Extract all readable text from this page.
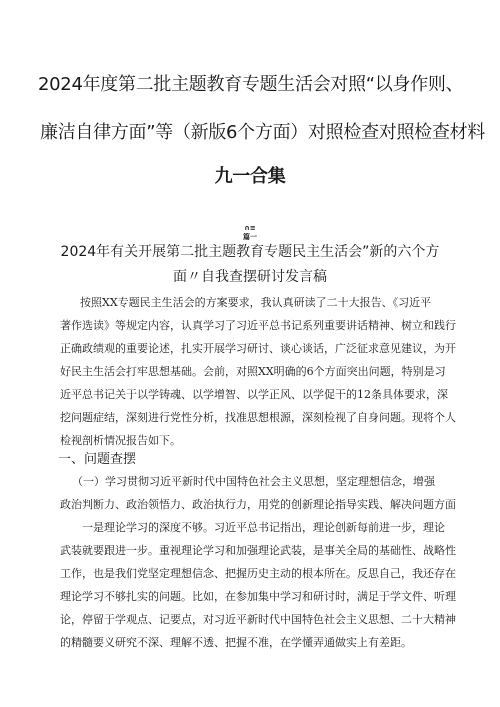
2024年度第二批主题教育专题生活会对照“以身作则、
廉洁自律方面”等（新版6个方面）对照检查对照检查材料
九一合集
∩≡
篇一
2024年有关开展第二批主题教育专题民主生活会”新的六个方
面〃自我查摆研讨发言稿
按照XX专题民主生活会的方案要求，我认真研读了二十大报告、《习近平
著作选读》等规定内容，认真学习了习近平总书记系列重要讲话精神、树立和践行
正确政绩观的重要论述，扎实开展学习研讨、谈心谈话，广泛征求意见建议，为开
好民主生活会打牢思想基础。会前，对照XX明确的6个方面突出问题，特别是习
近平总书记关于以学铸魂、以学增智、以学正风、以学促干的12条具体要求，深
挖问题症结，深刻进行党性分析，找准思想根源，深刻检视了自身问题。现将个人
检视剖析情况报告如下。
一、问题查摆
（一）学习贯彻习近平新时代中国特色社会主义思想，坚定理想信念，增强
政治判断力、政治领悟力、政治执行力，用党的创新理论指导实践、解决问题方面
一是理论学习的深度不够。习近平总书记指出，理论创新每前进一步，理论
武装就要跟进一步。重视理论学习和加强理论武装，是事关全局的基础性、战略性
工作，也是我们党坚定理想信念、把握历史主动的根本所在。反思自己，我还存在
理论学习不够扎实的问题。比如，在参加集中学习和研讨时，满足于学文件、听理
论，停留于学观点、记要点，对习近平新时代中国特色社会主义思想、二十大精神
的精髓要义研究不深、理解不透、把握不准，在学懂弄通做实上有差距。
